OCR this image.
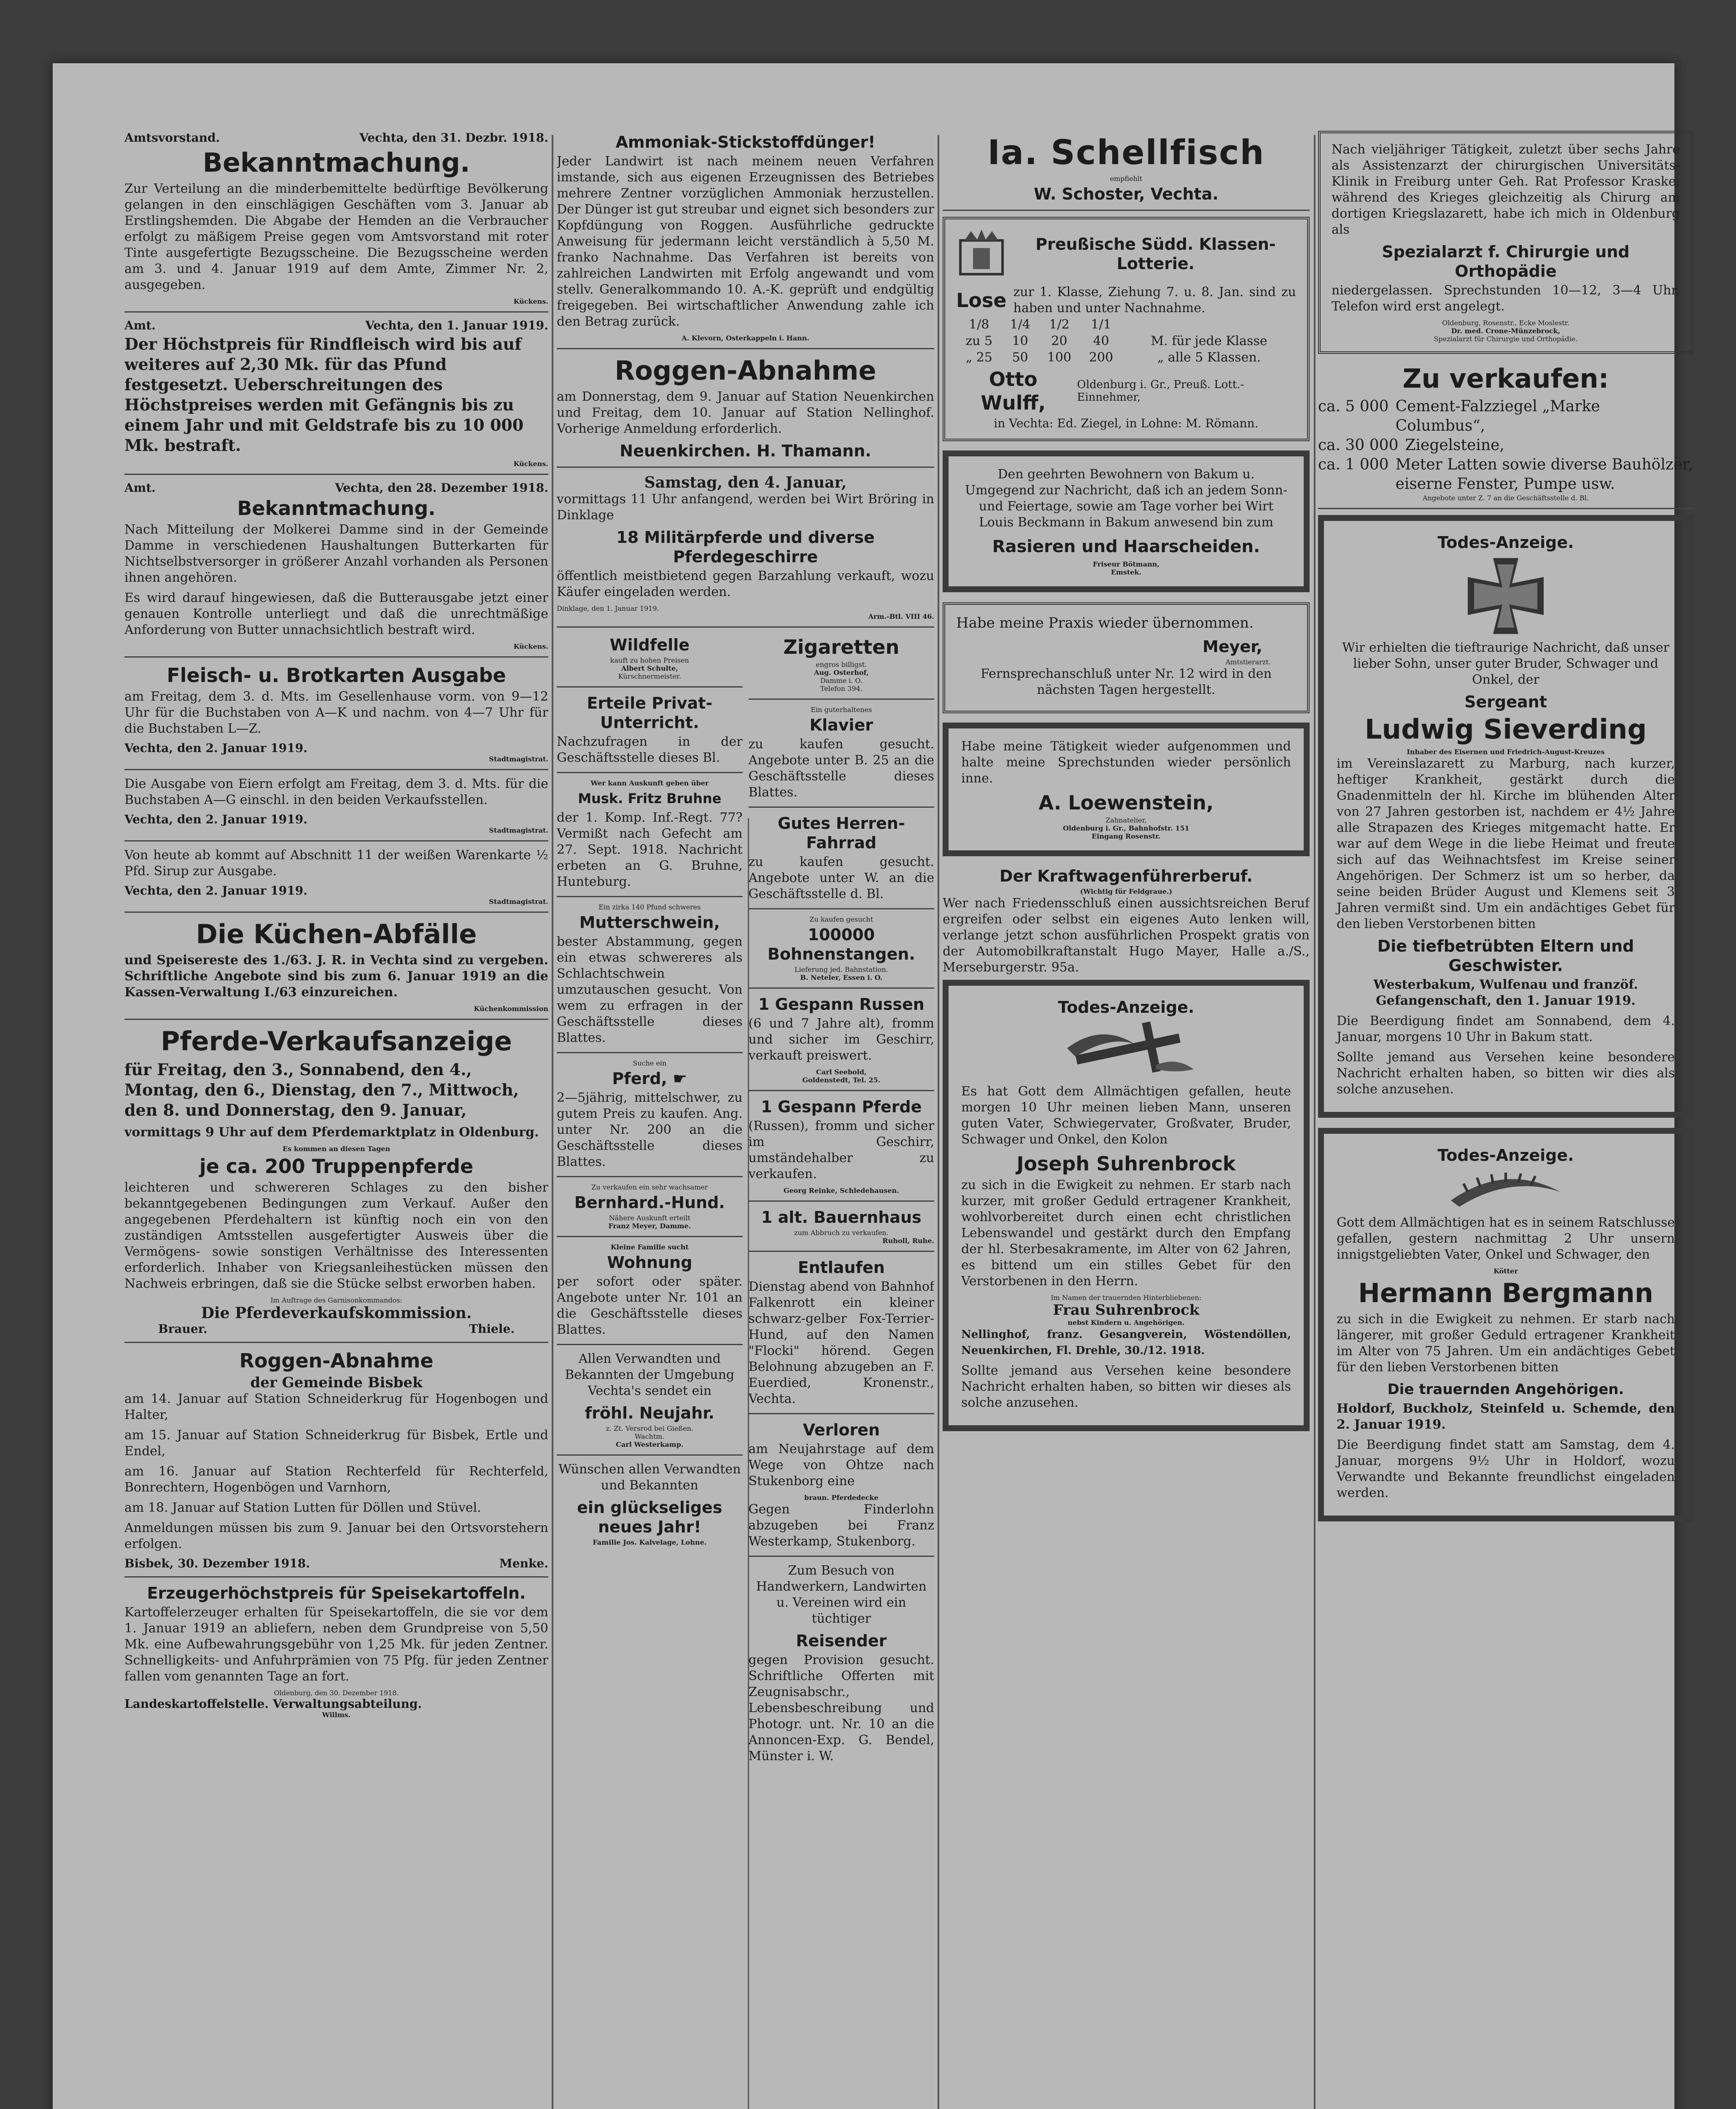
Amtsvorstand.	Vechta, den 31. Dezbr. 1918.
Bekanntmachung.

Zur Verteilung an die minderbemittelte bedürftige Bevölkerung gelangen in den einschlägigen Geschäften vom 3. Januar ab Erstlingshemden. Die Abgabe der Hemden an die Verbraucher erfolgt zu mäßigem Preise gegen vom Amtsvorstand mit roter Tinte ausgefertigte Bezugsscheine. Die Bezugsscheine werden am 3. und 4. Januar 1919 auf dem Amte, Zimmer Nr. 2, ausgegeben.

Kückens.
Amt.	Vechta, den 1. Januar 1919.

Der Höchstpreis für Rindfleisch wird bis auf weiteres auf 2,30 Mk. für das Pfund festgesetzt. Ueberschreitungen des Höchstpreises werden mit Gefängnis bis zu einem Jahr und mit Geldstrafe bis zu 10 000 Mk. bestraft.

Kückens.
Amt.	Vechta, den 28. Dezember 1918.
Bekanntmachung.

Nach Mitteilung der Molkerei Damme sind in der Gemeinde Damme in verschiedenen Haushaltungen Butterkarten für Nichtselbstversorger in größerer Anzahl vorhanden als Personen ihnen angehören.

Es wird darauf hingewiesen, daß die Butterausgabe jetzt einer genauen Kontrolle unterliegt und daß die unrechtmäßige Anforderung von Butter unnachsichtlich bestraft wird.

Kückens.
Fleisch- u. Brotkarten Ausgabe

am Freitag, dem 3. d. Mts. im Gesellenhause vorm. von 9—12 Uhr für die Buchstaben von A—K und nachm. von 4—7 Uhr für die Buchstaben L—Z.

Vechta, den 2. Januar 1919.
Stadtmagistrat.

Die Ausgabe von Eiern erfolgt am Freitag, dem 3. d. Mts. für die Buchstaben A—G einschl. in den beiden Verkaufsstellen.

Vechta, den 2. Januar 1919.
Stadtmagistrat.

Von heute ab kommt auf Abschnitt 11 der weißen Warenkarte ½ Pfd. Sirup zur Ausgabe.

Vechta, den 2. Januar 1919.
Stadtmagistrat.
Die Küchen-Abfälle

und Speisereste des 1./63. J. R. in Vechta sind zu vergeben. Schriftliche Angebote sind bis zum 6. Januar 1919 an die Kassen-Verwaltung I./63 einzureichen.

Küchenkommission
Pferde-Verkaufsanzeige

für Freitag, den 3., Sonnabend, den 4., Montag, den 6., Dienstag, den 7., Mittwoch, den 8. und Donnerstag, den 9. Januar,

vormittags 9 Uhr auf dem Pferdemarktplatz in Oldenburg.

Es kommen an diesen Tagen
je ca. 200 Truppenpferde

leichteren und schwereren Schlages zu den bisher bekanntgegebenen Bedingungen zum Verkauf. Außer den angegebenen Pferdehaltern ist künftig noch ein von den zuständigen Amtsstellen ausgefertigter Ausweis über die Vermögens- sowie sonstigen Verhältnisse des Interessenten erforderlich. Inhaber von Kriegsanleihestücken müssen den Nachweis erbringen, daß sie die Stücke selbst erworben haben.

Im Auftrage des Garnisonkommandos:
Die Pferdeverkaufskommission.
Brauer.	Thiele.
Roggen-Abnahme
der Gemeinde Bisbek

am 14. Januar auf Station Schneiderkrug für Hogenbogen und Halter,

am 15. Januar auf Station Schneiderkrug für Bisbek, Ertle und Endel,

am 16. Januar auf Station Rechterfeld für Rechterfeld, Bonrechtern, Hogenbögen und Varnhorn,

am 18. Januar auf Station Lutten für Döllen und Stüvel.

Anmeldungen müssen bis zum 9. Januar bei den Ortsvorstehern erfolgen.

Bisbek, 30. Dezember 1918.	Menke.
Erzeugerhöchstpreis für Speisekartoffeln.

Kartoffelerzeuger erhalten für Speisekartoffeln, die sie vor dem 1. Januar 1919 an abliefern, neben dem Grundpreise von 5,50 Mk. eine Aufbewahrungsgebühr von 1,25 Mk. für jeden Zentner. Schnelligkeits- und Anfuhrprämien von 75 Pfg. für jeden Zentner fallen vom genannten Tage an fort.

Oldenburg, den 30. Dezember 1918.
Landeskartoffelstelle. Verwaltungsabteilung.
Willms.
Ammoniak-Stickstoffdünger!

Jeder Landwirt ist nach meinem neuen Verfahren imstande, sich aus eigenen Erzeugnissen des Betriebes mehrere Zentner vorzüglichen Ammoniak herzustellen. Der Dünger ist gut streubar und eignet sich besonders zur Kopfdüngung von Roggen. Ausführliche gedruckte Anweisung für jedermann leicht verständlich à 5,50 M. franko Nachnahme. Das Verfahren ist bereits von zahlreichen Landwirten mit Erfolg angewandt und vom stellv. Generalkommando 10. A.-K. geprüft und endgültig freigegeben. Bei wirtschaftlicher Anwendung zahle ich den Betrag zurück.

A. Klevorn, Osterkappeln i. Hann.
Roggen-Abnahme

am Donnerstag, dem 9. Januar auf Station Neuenkirchen und Freitag, dem 10. Januar auf Station Nellinghof. Vorherige Anmeldung erforderlich.

Neuenkirchen. H. Thamann.
Samstag, den 4. Januar,

vormittags 11 Uhr anfangend, werden bei Wirt Bröring in Dinklage

18 Militärpferde und diverse Pferdegeschirre

öffentlich meistbietend gegen Barzahlung verkauft, wozu Käufer eingeladen werden.

Dinklage, den 1. Januar 1919.
Arm.-Btl. VIII 46.
Wildfelle
kauft zu hohen Preisen
Albert Schulte,
Kürschnermeister.
Erteile Privat-Unterricht.

Nachzufragen in der Geschäftsstelle dieses Bl.

Wer kann Auskunft geben über
Musk. Fritz Bruhne

der 1. Komp. Inf.-Regt. 77? Vermißt nach Gefecht am 27. Sept. 1918. Nachricht erbeten an G. Bruhne, Hunteburg.

Ein zirka 140 Pfund schweres
Mutterschwein,

bester Abstammung, gegen ein etwas schwereres als Schlachtschwein umzutauschen gesucht. Von wem zu erfragen in der Geschäftsstelle dieses Blattes.

Suche ein
Pferd, ☛

2—5jährig, mittelschwer, zu gutem Preis zu kaufen. Ang. unter Nr. 200 an die Geschäftsstelle dieses Blattes.

Zu verkaufen ein sehr wachsamer
Bernhard.-Hund.
Nähere Auskunft erteilt
Franz Meyer, Damme.
Kleine Familie sucht
Wohnung

per sofort oder später. Angebote unter Nr. 101 an die Geschäftsstelle dieses Blattes.

Allen Verwandten und Bekannten der Umgebung Vechta's sendet ein

fröhl. Neujahr.
z. Zt. Versrod bei Gießen.
Wachtm.
Carl Westerkamp.

Wünschen allen Verwandten und Bekannten

ein glückseliges neues Jahr!
Familie Jos. Kalvelage, Lohne.
Zigaretten
engros billigst.
Aug. Osterhof,
Damme i. O.
Telefon 394.
Ein guterhaltenes
Klavier

zu kaufen gesucht. Angebote unter B. 25 an die Geschäftsstelle dieses Blattes.

Gutes Herren-Fahrrad

zu kaufen gesucht. Angebote unter W. an die Geschäftsstelle d. Bl.

Zu kaufen gesucht
100000 Bohnenstangen.
Lieferung jed. Bahnstation.
B. Neteler, Essen i. O.
1 Gespann Russen

(6 und 7 Jahre alt), fromm und sicher im Geschirr, verkauft preiswert.

Carl Seebold,
Goldenstedt, Tel. 25.
1 Gespann Pferde

(Russen), fromm und sicher im Geschirr, umständehalber zu verkaufen.

Georg Reinke, Schledehausen.
1 alt. Bauernhaus
zum Abbruch zu verkaufen.
Ruholl, Ruhe.
Entlaufen

Dienstag abend von Bahnhof Falkenrott ein kleiner schwarz-gelber Fox-Terrier-Hund, auf den Namen "Flocki" hörend. Gegen Belohnung abzugeben an F. Euerdied, Kronenstr., Vechta.

Verloren

am Neujahrstage auf dem Wege von Ohtze nach Stukenborg eine

braun. Pferdedecke

Gegen Finderlohn abzugeben bei Franz Westerkamp, Stukenborg.

Zum Besuch von Handwerkern, Landwirten u. Vereinen wird ein tüchtiger

Reisender

gegen Provision gesucht. Schriftliche Offerten mit Zeugnisabschr., Lebensbeschreibung und Photogr. unt. Nr. 10 an die Annoncen-Exp. G. Bendel, Münster i. W.

Ia. Schellfisch
empfiehlt
W. Schoster, Vechta.
Preußische Südd. Klassen-Lotterie.
Lose zur 1. Klasse, Ziehung 7. u. 8. Jan. sind zu haben und unter Nachnahme.

1/8	1/4	1/2	1/1	
zu 5	10	20	40	M. für jede Klasse
„ 25	50	100	200	„ alle 5 Klassen.
Otto Wulff,
Oldenburg i. Gr., Preuß. Lott.-Einnehmer,
in Vechta: Ed. Ziegel, in Lohne: M. Römann.

Den geehrten Bewohnern von Bakum u. Umgegend zur Nachricht, daß ich an jedem Sonn- und Feiertage, sowie am Tage vorher bei Wirt Louis Beckmann in Bakum anwesend bin zum

Rasieren und Haarscheiden.
Friseur Bötmann,
Emstek.

Habe meine Praxis wieder übernommen.

Meyer,
Amtstierarzt.

Fernsprechanschluß unter Nr. 12 wird in den nächsten Tagen hergestellt.

Habe meine Tätigkeit wieder aufgenommen und halte meine Sprechstunden wieder persönlich inne.

A. Loewenstein,
Zahnatelier,
Oldenburg i. Gr., Bahnhofstr. 151
Eingang Rosenstr.
Der Kraftwagenführerberuf.
(Wichtig für Feldgraue.)

Wer nach Friedensschluß einen aussichtsreichen Beruf ergreifen oder selbst ein eigenes Auto lenken will, verlange jetzt schon ausführlichen Prospekt gratis von der Automobilkraftanstalt Hugo Mayer, Halle a./S., Merseburgerstr. 95a.

Todes-Anzeige.

Es hat Gott dem Allmächtigen gefallen, heute morgen 10 Uhr meinen lieben Mann, unseren guten Vater, Schwiegervater, Großvater, Bruder, Schwager und Onkel, den Kolon

Joseph Suhrenbrock

zu sich in die Ewigkeit zu nehmen. Er starb nach kurzer, mit großer Geduld ertragener Krankheit, wohlvorbereitet durch einen echt christlichen Lebenswandel und gestärkt durch den Empfang der hl. Sterbesakramente, im Alter von 62 Jahren, es bittend um ein stilles Gebet für den Verstorbenen in den Herrn.

Im Namen der trauernden Hinterbliebenen:
Frau Suhrenbrock
nebst Kindern u. Angehörigen.

Nellinghof, franz. Gesangverein, Wöstendöllen, Neuenkirchen, Fl. Drehle, 30./12. 1918.

Sollte jemand aus Versehen keine besondere Nachricht erhalten haben, so bitten wir dieses als solche anzusehen.

Nach vieljähriger Tätigkeit, zuletzt über sechs Jahre als Assistenzarzt der chirurgischen Universitäts-Klinik in Freiburg unter Geh. Rat Professor Kraske, während des Krieges gleichzeitig als Chirurg am dortigen Kriegslazarett, habe ich mich in Oldenburg als

Spezialarzt f. Chirurgie und Orthopädie

niedergelassen. Sprechstunden 10—12, 3—4 Uhr. Telefon wird erst angelegt.

Oldenburg, Rosenstr., Ecke Moslestr.
Dr. med. Crone-Münzebrock,
Spezialarzt für Chirurgie und Orthopädie.
Zu verkaufen:
ca. 5 000 Cement-Falzziegel „Marke Columbus“,
ca. 30 000 Ziegelsteine,
ca. 1 000 Meter Latten sowie diverse Bauhölzer, eiserne Fenster, Pumpe usw.
Angebote unter Z. 7 an die Geschäftsstelle d. Bl.
Todes-Anzeige.

Wir erhielten die tieftraurige Nachricht, daß unser lieber Sohn, unser guter Bruder, Schwager und Onkel, der

Sergeant
Ludwig Sieverding
Inhaber des Eisernen und Friedrich-August-Kreuzes

im Vereinslazarett zu Marburg, nach kurzer, heftiger Krankheit, gestärkt durch die Gnadenmitteln der hl. Kirche im blühenden Alter von 27 Jahren gestorben ist, nachdem er 4½ Jahre alle Strapazen des Krieges mitgemacht hatte. Er war auf dem Wege in die liebe Heimat und freute sich auf das Weihnachtsfest im Kreise seiner Angehörigen. Der Schmerz ist um so herber, da seine beiden Brüder August und Klemens seit 3 Jahren vermißt sind. Um ein andächtiges Gebet für den lieben Verstorbenen bitten

Die tiefbetrübten Eltern und Geschwister.

Westerbakum, Wulfenau und franzöf. Gefangenschaft, den 1. Januar 1919.

Die Beerdigung findet am Sonnabend, dem 4. Januar, morgens 10 Uhr in Bakum statt.

Sollte jemand aus Versehen keine besondere Nachricht erhalten haben, so bitten wir dies als solche anzusehen.

Todes-Anzeige.

Gott dem Allmächtigen hat es in seinem Ratschlusse gefallen, gestern nachmittag 2 Uhr unsern innigstgeliebten Vater, Onkel und Schwager, den

Kötter
Hermann Bergmann

zu sich in die Ewigkeit zu nehmen. Er starb nach längerer, mit großer Geduld ertragener Krankheit im Alter von 75 Jahren. Um ein andächtiges Gebet für den lieben Verstorbenen bitten

Die trauernden Angehörigen.

Holdorf, Buckholz, Steinfeld u. Schemde, den 2. Januar 1919.

Die Beerdigung findet statt am Samstag, dem 4. Januar, morgens 9½ Uhr in Holdorf, wozu Verwandte und Bekannte freundlichst eingeladen werden.
